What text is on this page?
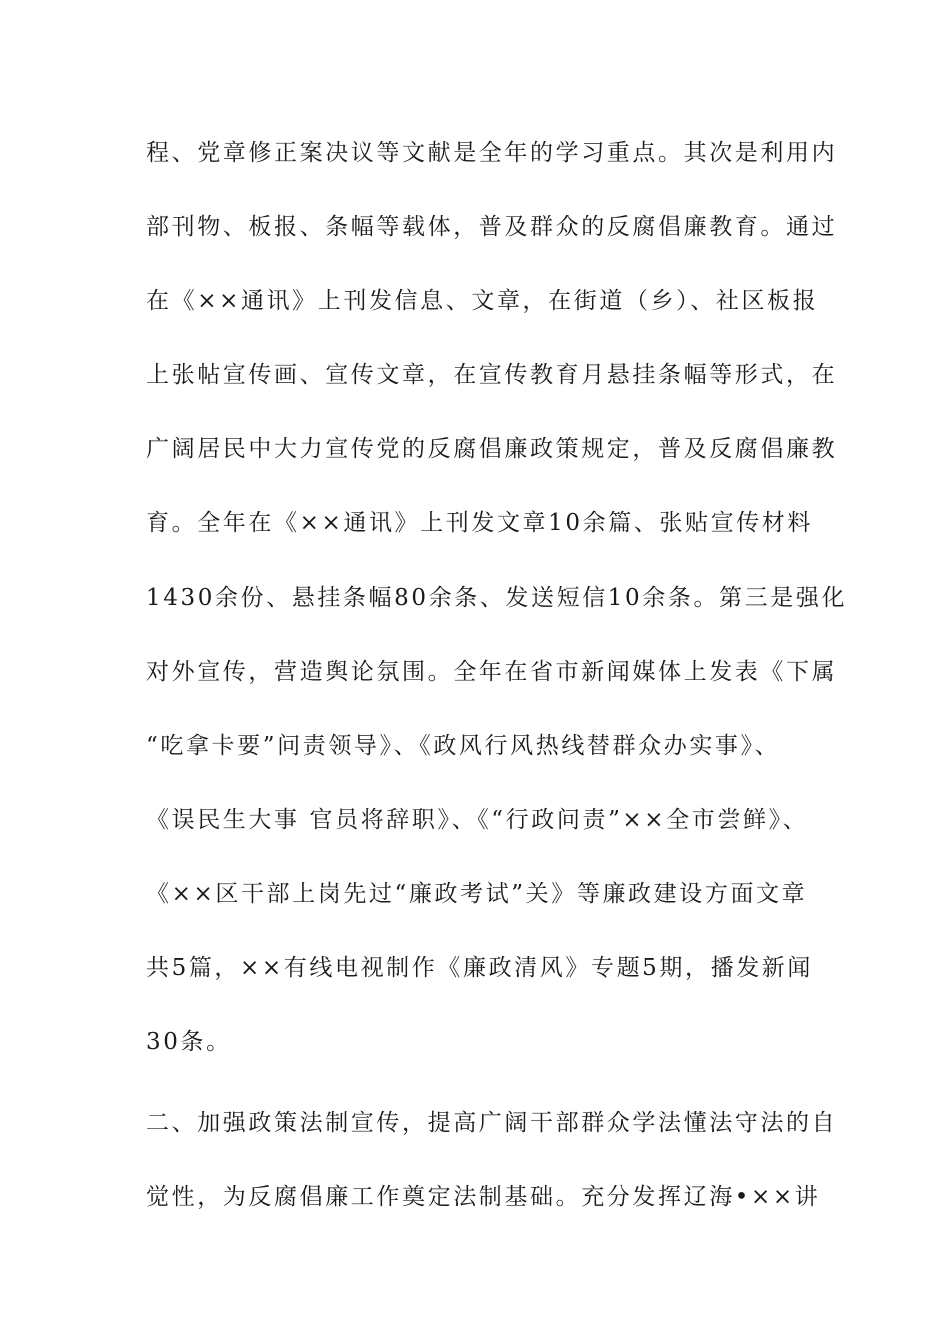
程、党章修正案决议等文献是全年的学习重点。其次是利用内
部刊物、板报、条幅等载体，普及群众的反腐倡廉教育。通过
在《××通讯》上刊发信息、文章，在街道（乡）、社区板报
上张帖宣传画、宣传文章，在宣传教育月悬挂条幅等形式，在
广阔居民中大力宣传党的反腐倡廉政策规定，普及反腐倡廉教
育。全年在《××通讯》上刊发文章10余篇、张贴宣传材料
1430余份、悬挂条幅80余条、发送短信10余条。第三是强化
对外宣传，营造舆论氛围。全年在省市新闻媒体上发表《下属
“吃拿卡要”问责领导》、《政风行风热线替群众办实事》、
《误民生大事 官员将辞职》、《“行政问责”××全市尝鲜》、
《××区干部上岗先过“廉政考试”关》等廉政建设方面文章
共5篇，××有线电视制作《廉政清风》专题5期，播发新闻
30条。
二、加强政策法制宣传，提高广阔干部群众学法懂法守法的自
觉性，为反腐倡廉工作奠定法制基础。充分发挥辽海•××讲
